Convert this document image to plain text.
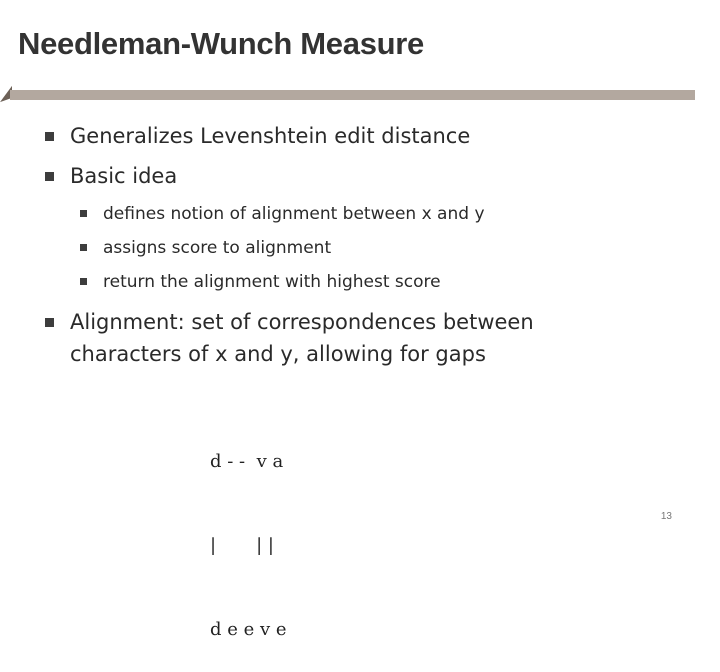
Needleman-Wunch Measure
Generalizes Levenshtein edit distance
Basic idea
defines notion of alignment between x and y
assigns score to alignment
return the alignment with highest score
Alignment: set of correspondences between
characters of x and y, allowing for gaps

d - -  v a

|       | |

d e e v e

13
